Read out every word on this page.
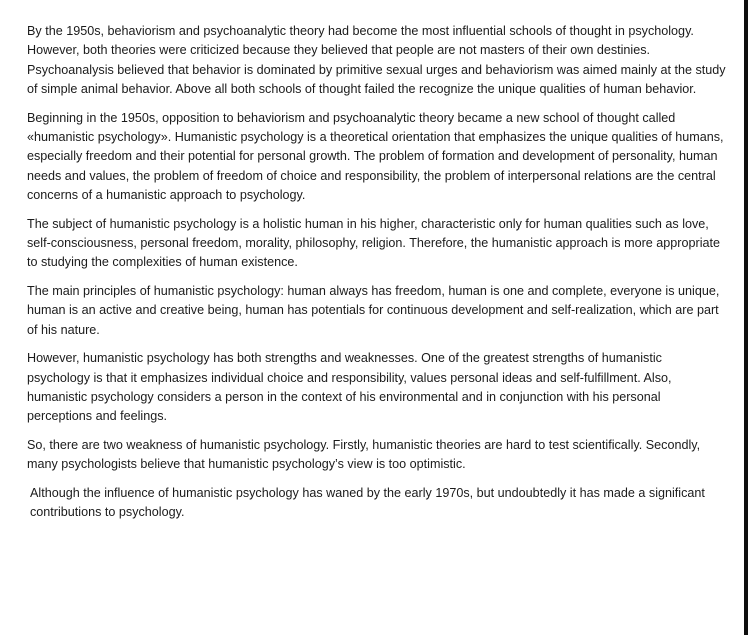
By the 1950s, behaviorism and psychoanalytic theory had become the most influential schools of thought in psychology. However, both theories were criticized because they believed that people are not masters of their own destinies. Psychoanalysis believed that behavior is dominated by primitive sexual urges and behaviorism was aimed mainly at the study of simple animal behavior. Above all both schools of thought failed the recognize the unique qualities of human behavior.

Beginning in the 1950s, opposition to behaviorism and psychoanalytic theory became a new school of thought called «humanistic psychology». Humanistic psychology is a theoretical orientation that emphasizes the unique qualities of humans, especially freedom and their potential for personal growth. The problem of formation and development of personality, human needs and values, the problem of freedom of choice and responsibility, the problem of interpersonal relations are the central concerns of a humanistic approach to psychology.

The subject of humanistic psychology is a holistic human in his higher, characteristic only for human qualities such as love, self-consciousness, personal freedom, morality, philosophy, religion. Therefore, the humanistic approach is more appropriate to studying the complexities of human existence.

The main principles of humanistic psychology: human always has freedom, human is one and complete, everyone is unique, human is an active and creative being, human has potentials for continuous development and self-realization, which are part of his nature.

However, humanistic psychology has both strengths and weaknesses. One of the greatest strengths of humanistic psychology is that it emphasizes individual choice and responsibility, values personal ideas and self-fulfillment. Also, humanistic psychology considers a person in the context of his environmental and in conjunction with his personal perceptions and feelings.

So, there are two weakness of humanistic psychology. Firstly, humanistic theories are hard to test scientifically. Secondly, many psychologists believe that humanistic psychology’s view is too optimistic.

Although the influence of humanistic psychology has waned by the early 1970s, but undoubtedly it has made a significant contributions to psychology.
